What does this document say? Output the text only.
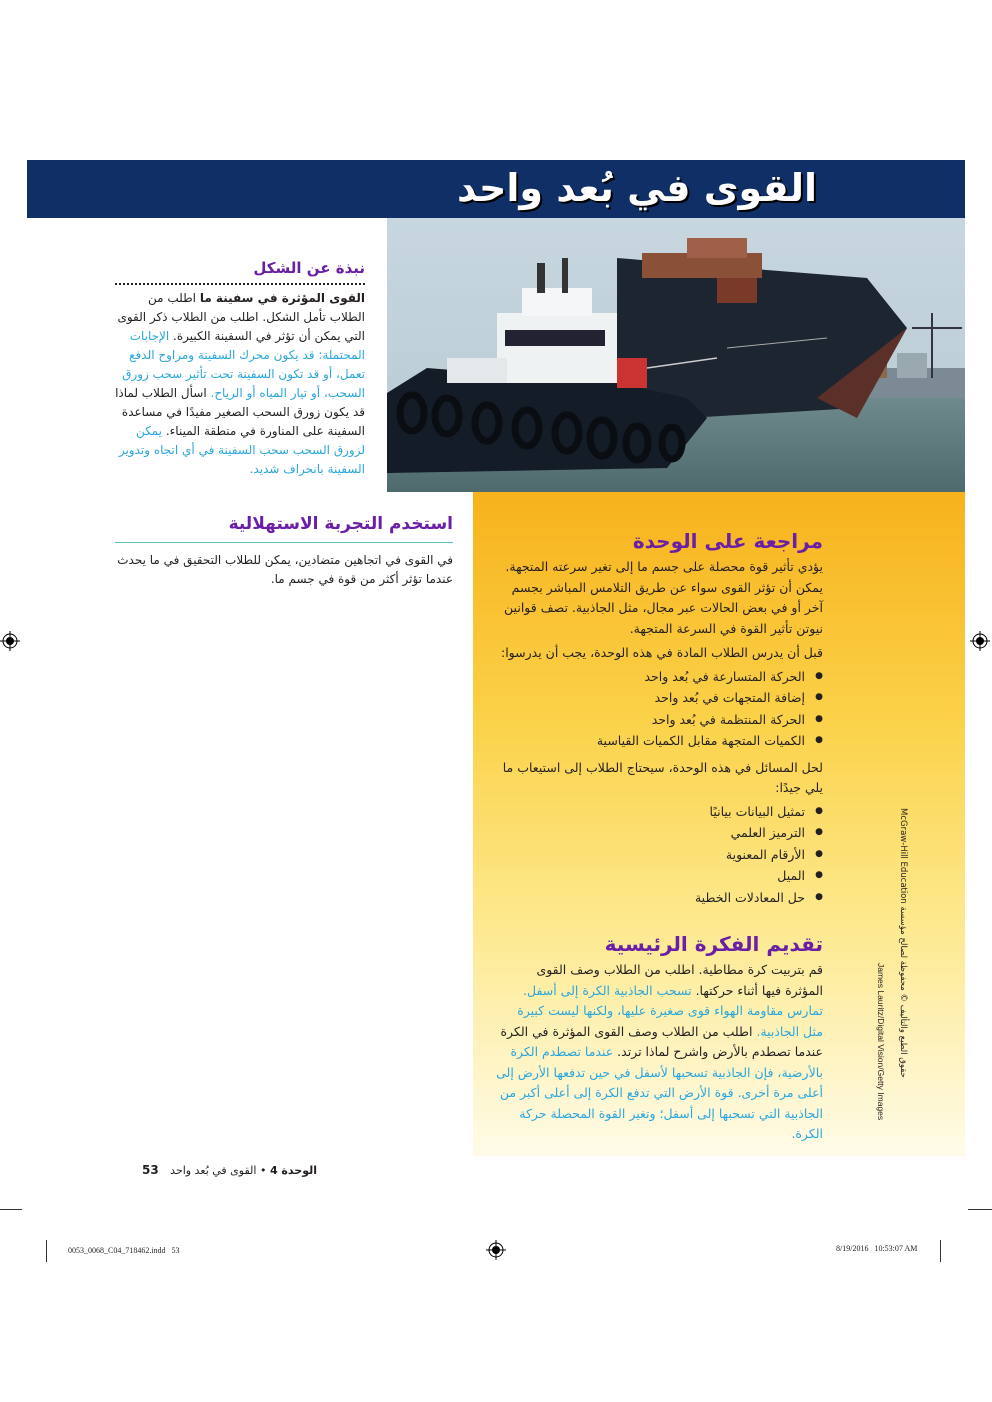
القوى في بُعد واحد
نبذة عن الشكل
القوى المؤثرة في سفينة ما اطلب من الطلاب تأمل الشكل. اطلب من الطلاب ذكر القوى التي يمكن أن تؤثر في السفينة الكبيرة. الإجابات المحتملة: قد يكون محرك السفينة ومراوح الدفع تعمل، أو قد تكون السفينة تحت تأثير سحب زورق السحب، أو تيار المياه أو الرياح. اسأل الطلاب لماذا قد يكون زورق السحب الصغير مفيدًا في مساعدة السفينة على المناورة في منطقة الميناء. يمكن لزورق السحب سحب السفينة في أي اتجاه وتدوير السفينة بانحراف شديد.
استخدم التجربة الاستهلالية
في القوى في اتجاهين متضادين، يمكن للطلاب التحقيق في ما يحدث عندما تؤثر أكثر من قوة في جسم ما.
مراجعة على الوحدة
يؤدي تأثير قوة محصلة على جسم ما إلى تغير سرعته المتجهة. يمكن أن تؤثر القوى سواء عن طريق التلامس المباشر بجسم آخر أو في بعض الحالات عبر مجال، مثل الجاذبية. تصف قوانين نيوتن تأثير القوة في السرعة المتجهة.
قبل أن يدرس الطلاب المادة في هذه الوحدة، يجب أن يدرسوا:
● الحركة المتسارعة في بُعد واحد
● إضافة المتجهات في بُعد واحد
● الحركة المنتظمة في بُعد واحد
● الكميات المتجهة مقابل الكميات القياسية
لحل المسائل في هذه الوحدة، سيحتاج الطلاب إلى استيعاب ما يلي جيدًا:
● تمثيل البيانات بيانيًا
● الترميز العلمي
● الأرقام المعنوية
● الميل
● حل المعادلات الخطية
تقديم الفكرة الرئيسية
قم بتربيت كرة مطاطية. اطلب من الطلاب وصف القوى المؤثرة فيها أثناء حركتها. تسحب الجاذبية الكرة إلى أسفل. تمارس مقاومة الهواء قوى صغيرة عليها، ولكنها ليست كبيرة مثل الجاذبية. اطلب من الطلاب وصف القوى المؤثرة في الكرة عندما تصطدم بالأرض واشرح لماذا ترتد. عندما تصطدم الكرة بالأرضية، فإن الجاذبية تسحبها لأسفل في حين تدفعها الأرض إلى أعلى مرة أخرى. قوة الأرض التي تدفع الكرة إلى أعلى أكبر من الجاذبية التي تسحبها إلى أسفل؛ وتغير القوة المحصلة حركة الكرة.
James Lauritz/Digital Vision/Getty Images
حقوق الطبع والتأليف © محفوظة لصالح مؤسسة McGraw-Hill Education
الوحدة 4 • القوى في بُعد واحد 53
0053_0068_C04_718462.indd   53	8/19/2016   10:53:07 AM
